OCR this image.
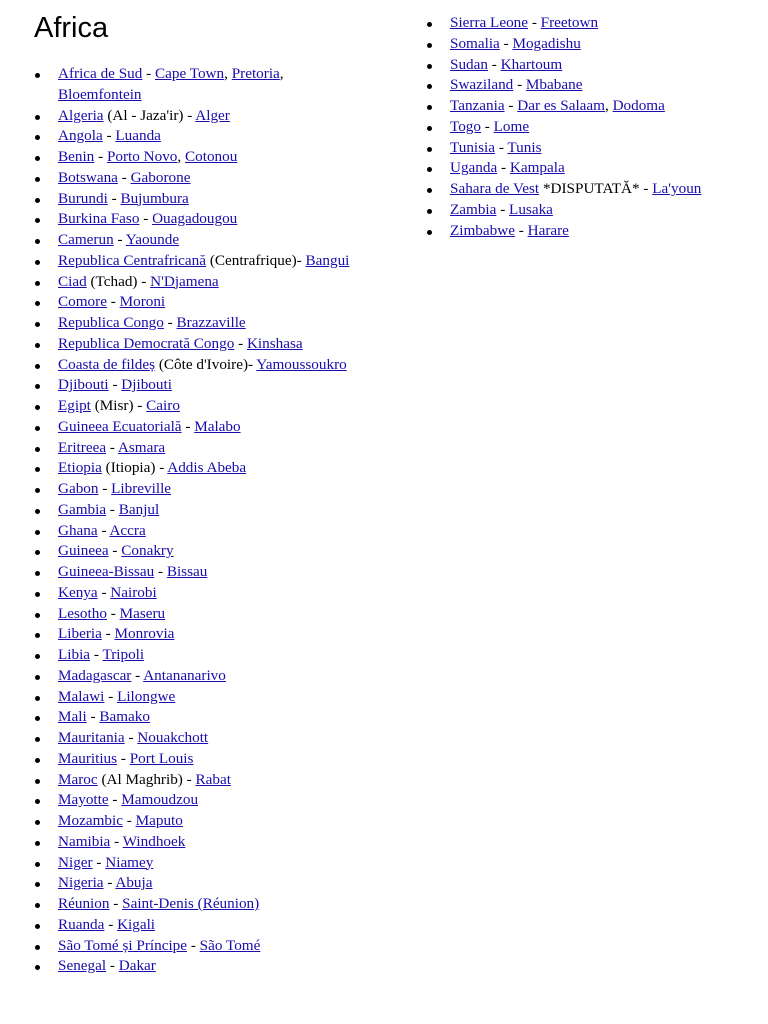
Africa
Africa de Sud - Cape Town, Pretoria, Bloemfontein
Algeria (Al - Jaza'ir) - Alger
Angola - Luanda
Benin - Porto Novo, Cotonou
Botswana - Gaborone
Burundi - Bujumbura
Burkina Faso - Ouagadougou
Camerun - Yaounde
Republica Centrafricană (Centrafrique)- Bangui
Ciad (Tchad) - N'Djamena
Comore - Moroni
Republica Congo - Brazzaville
Republica Democrată Congo - Kinshasa
Coasta de fildeș (Côte d'Ivoire)- Yamoussoukro
Djibouti - Djibouti
Egipt (Misr) - Cairo
Guineea Ecuatorială - Malabo
Eritreea - Asmara
Etiopia (Itiopia) - Addis Abeba
Gabon - Libreville
Gambia - Banjul
Ghana - Accra
Guineea - Conakry
Guineea-Bissau - Bissau
Kenya - Nairobi
Lesotho - Maseru
Liberia - Monrovia
Libia - Tripoli
Madagascar - Antananarivo
Malawi - Lilongwe
Mali - Bamako
Mauritania - Nouakchott
Mauritius - Port Louis
Maroc (Al Maghrib) - Rabat
Mayotte - Mamoudzou
Mozambic - Maputo
Namibia - Windhoek
Niger - Niamey
Nigeria - Abuja
Réunion - Saint-Denis (Réunion)
Ruanda - Kigali
São Tomé și Príncipe - São Tomé
Senegal - Dakar
Sierra Leone - Freetown
Somalia - Mogadishu
Sudan - Khartoum
Swaziland - Mbabane
Tanzania - Dar es Salaam, Dodoma
Togo - Lome
Tunisia - Tunis
Uganda - Kampala
Sahara de Vest *DISPUTATĂ* - La'youn
Zambia - Lusaka
Zimbabwe - Harare
